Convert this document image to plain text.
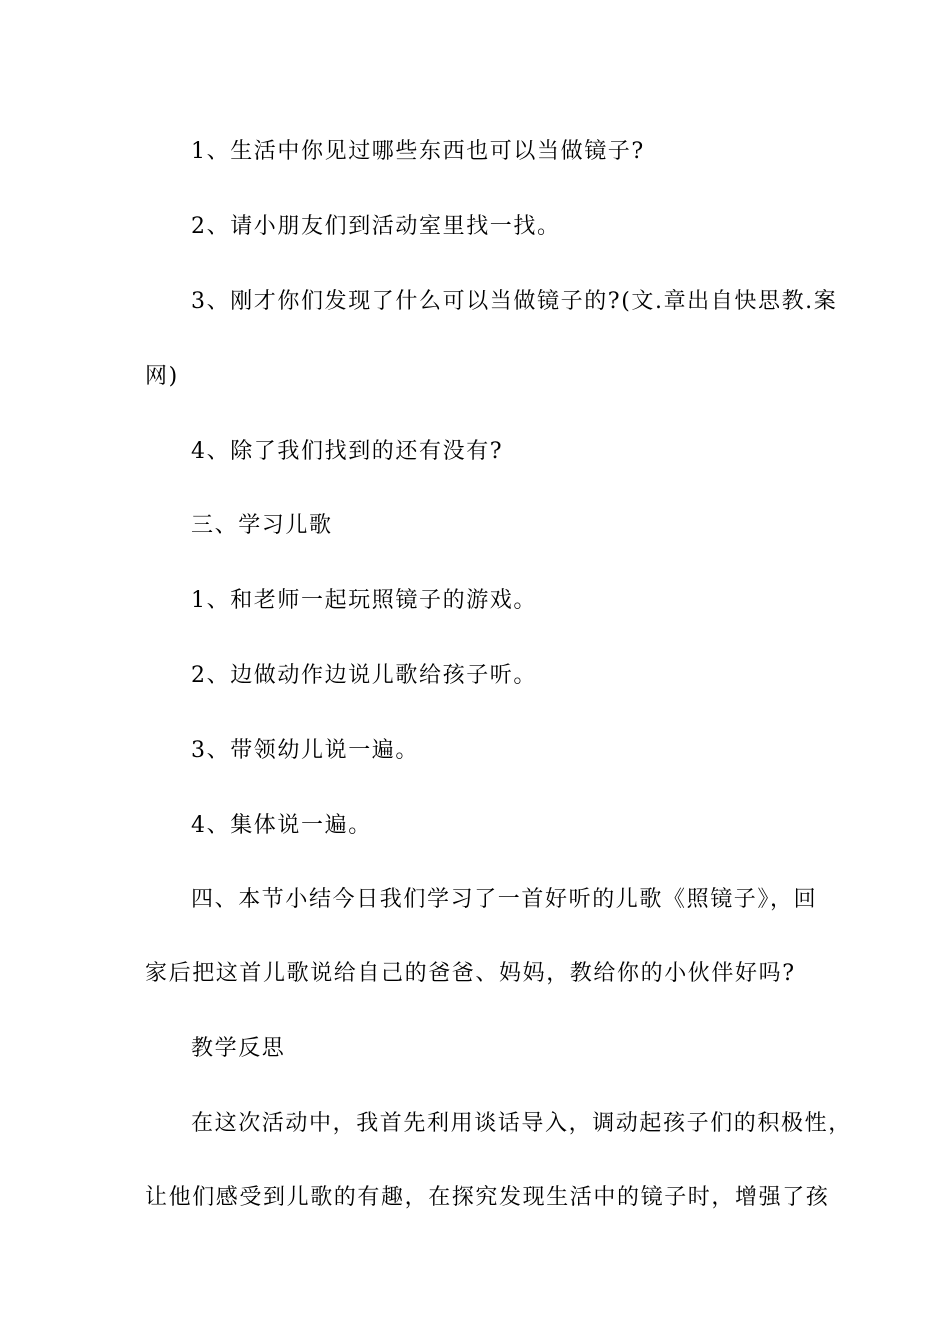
1、生活中你见过哪些东西也可以当做镜子?
2、请小朋友们到活动室里找一找。
3、刚才你们发现了什么可以当做镜子的?(文.章出自快思教.案
网)
4、除了我们找到的还有没有?
三、学习儿歌
1、和老师一起玩照镜子的游戏。
2、边做动作边说儿歌给孩子听。
3、带领幼儿说一遍。
4、集体说一遍。
四、本节小结今日我们学习了一首好听的儿歌《照镜子》，回
家后把这首儿歌说给自己的爸爸、妈妈，教给你的小伙伴好吗?
教学反思
在这次活动中，我首先利用谈话导入，调动起孩子们的积极性，
让他们感受到儿歌的有趣，在探究发现生活中的镜子时，增强了孩
